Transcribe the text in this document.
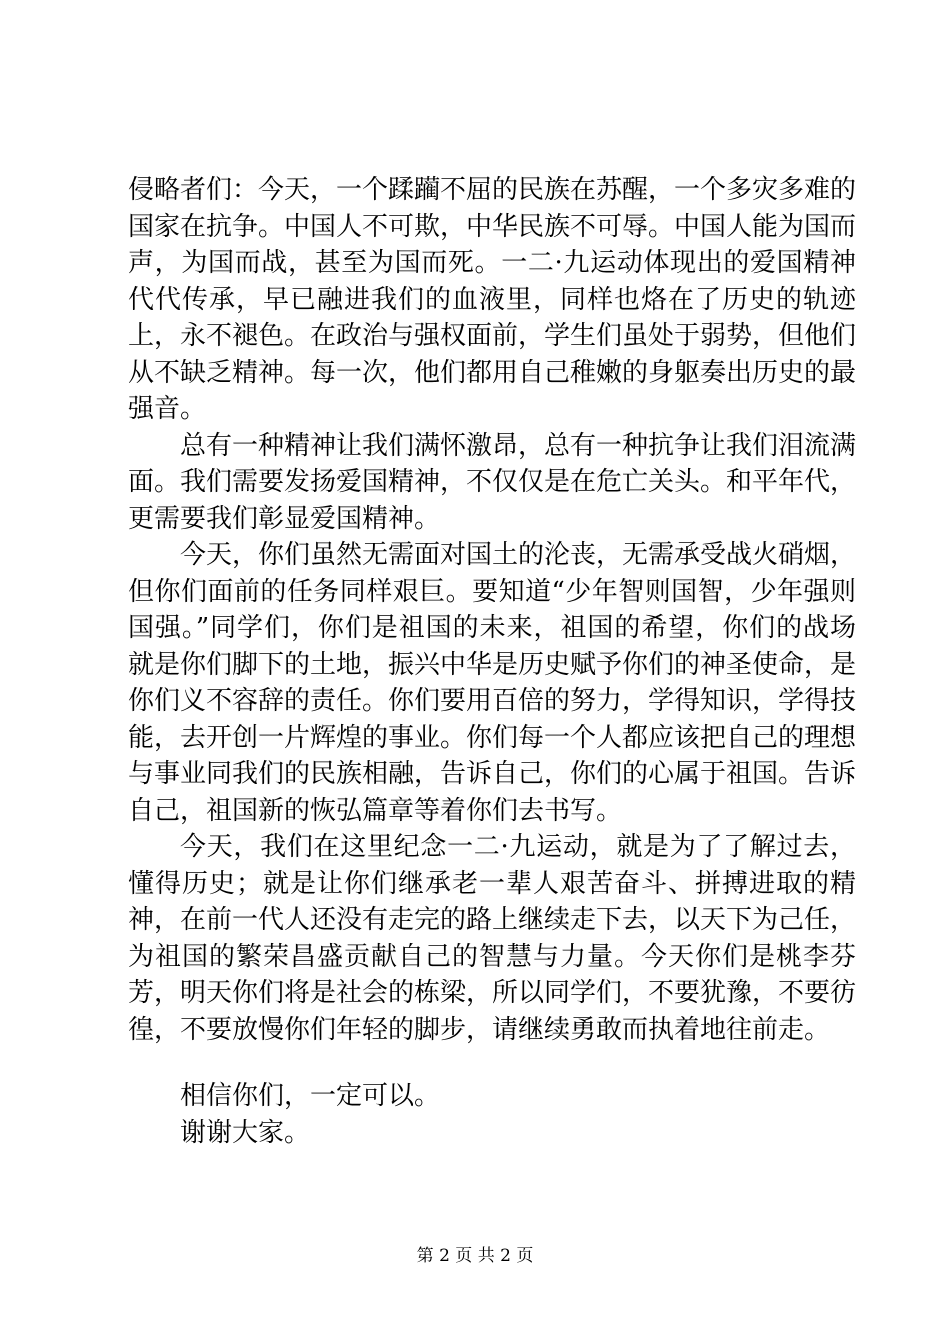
侵略者们：今天，一个蹂躏不屈的民族在苏醒，一个多灾多难的国家在抗争。中国人不可欺，中华民族不可辱。中国人能为国而声，为国而战，甚至为国而死。一二·九运动体现出的爱国精神代代传承，早已融进我们的血液里，同样也烙在了历史的轨迹上，永不褪色。在政治与强权面前，学生们虽处于弱势，但他们从不缺乏精神。每一次，他们都用自己稚嫩的身躯奏出历史的最强音。

总有一种精神让我们满怀激昂，总有一种抗争让我们泪流满面。我们需要发扬爱国精神，不仅仅是在危亡关头。和平年代，更需要我们彰显爱国精神。

今天，你们虽然无需面对国土的沦丧，无需承受战火硝烟，但你们面前的任务同样艰巨。要知道“少年智则国智，少年强则国强。”同学们，你们是祖国的未来，祖国的希望，你们的战场就是你们脚下的土地，振兴中华是历史赋予你们的神圣使命，是你们义不容辞的责任。你们要用百倍的努力，学得知识，学得技能，去开创一片辉煌的事业。你们每一个人都应该把自己的理想与事业同我们的民族相融，告诉自己，你们的心属于祖国。告诉自己，祖国新的恢弘篇章等着你们去书写。

今天，我们在这里纪念一二·九运动，就是为了了解过去，懂得历史；就是让你们继承老一辈人艰苦奋斗、拼搏进取的精神，在前一代人还没有走完的路上继续走下去，以天下为己任，为祖国的繁荣昌盛贡献自己的智慧与力量。今天你们是桃李芬芳，明天你们将是社会的栋梁，所以同学们，不要犹豫，不要彷徨，不要放慢你们年轻的脚步，请继续勇敢而执着地往前走。

相信你们，一定可以。

谢谢大家。

第 2 页 共 2 页
